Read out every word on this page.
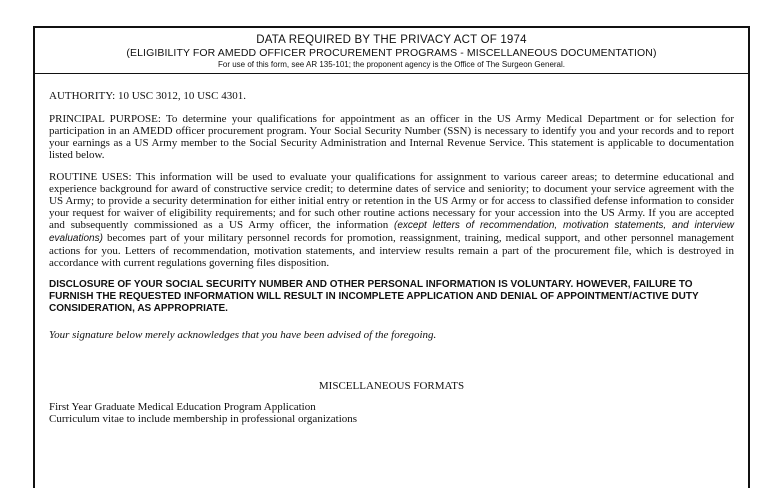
DATA REQUIRED BY THE PRIVACY ACT OF 1974
(ELIGIBILITY FOR AMEDD OFFICER PROCUREMENT PROGRAMS - MISCELLANEOUS DOCUMENTATION)
For use of this form, see AR 135-101; the proponent agency is the Office of The Surgeon General.

AUTHORITY: 10 USC 3012, 10 USC 4301.

PRINCIPAL PURPOSE: To determine your qualifications for appointment as an officer in the US Army Medical Department or for selection for participation in an AMEDD officer procurement program. Your Social Security Number (SSN) is necessary to identify you and your records and to report your earnings as a US Army member to the Social Security Administration and Internal Revenue Service. This statement is applicable to documentation listed below.

ROUTINE USES: This information will be used to evaluate your qualifications for assignment to various career areas; to determine educational and experience background for award of constructive service credit; to determine dates of service and seniority; to document your service agreement with the US Army; to provide a security determination for either initial entry or retention in the US Army or for access to classified defense information to consider your request for waiver of eligibility requirements; and for such other routine actions necessary for your accession into the US Army. If you are accepted and subsequently commissioned as a US Army officer, the information (except letters of recommendation, motivation statements, and interview evaluations) becomes part of your military personnel records for promotion, reassignment, training, medical support, and other personnel management actions for you. Letters of recommendation, motivation statements, and interview results remain a part of the procurement file, which is destroyed in accordance with current regulations governing files disposition.

DISCLOSURE OF YOUR SOCIAL SECURITY NUMBER AND OTHER PERSONAL INFORMATION IS VOLUNTARY. HOWEVER, FAILURE TO FURNISH THE REQUESTED INFORMATION WILL RESULT IN INCOMPLETE APPLICATION AND DENIAL OF APPOINTMENT/ACTIVE DUTY CONSIDERATION, AS APPROPRIATE.

Your signature below merely acknowledges that you have been advised of the foregoing.

MISCELLANEOUS FORMATS
First Year Graduate Medical Education Program Application
Curriculum vitae to include membership in professional organizations
